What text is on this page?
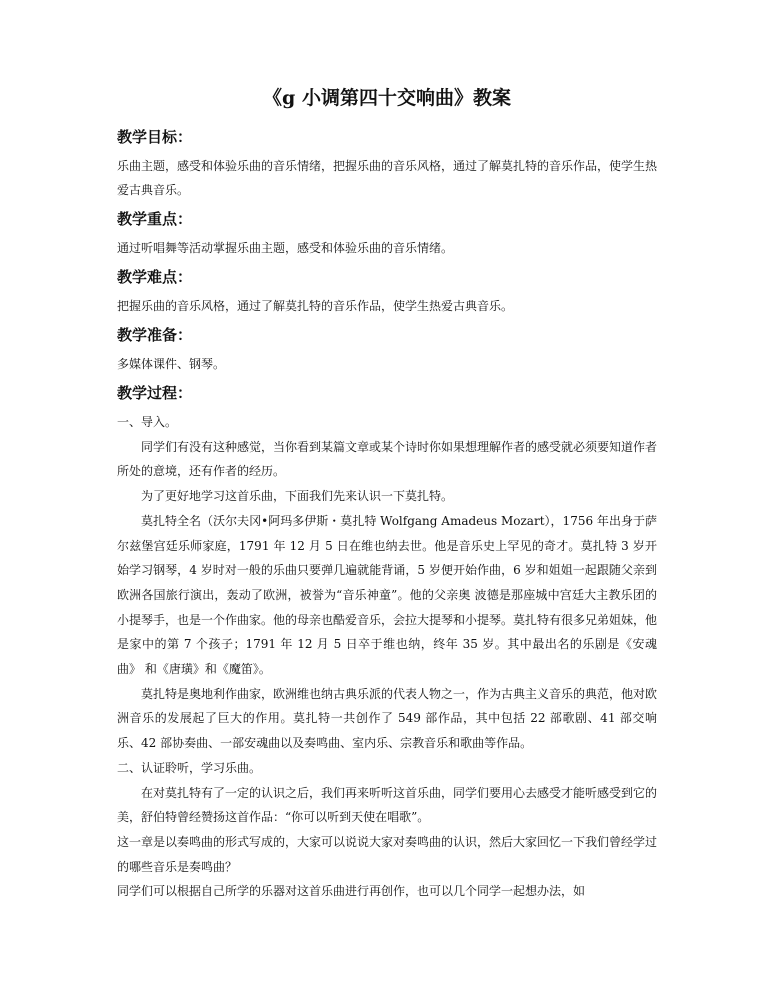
《g 小调第四十交响曲》教案
教学目标：

乐曲主题，感受和体验乐曲的音乐情绪，把握乐曲的音乐风格，通过了解莫扎特的音乐作品，使学生热爱古典音乐。

教学重点：

通过听唱舞等活动掌握乐曲主题，感受和体验乐曲的音乐情绪。

教学难点：

把握乐曲的音乐风格，通过了解莫扎特的音乐作品，使学生热爱古典音乐。

教学准备：

多媒体课件、钢琴。

教学过程：

一、导入。

同学们有没有这种感觉，当你看到某篇文章或某个诗时你如果想理解作者的感受就必须要知道作者所处的意境，还有作者的经历。

为了更好地学习这首乐曲，下面我们先来认识一下莫扎特。

莫扎特全名（沃尔夫冈•阿玛多伊斯・莫扎特 Wolfgang Amadeus Mozart），1756 年出身于萨尔兹堡宫廷乐师家庭，1791 年 12 月 5 日在维也纳去世。他是音乐史上罕见的奇才。莫扎特 3 岁开始学习钢琴，4 岁时对一般的乐曲只要弹几遍就能背诵，5 岁便开始作曲，6 岁和姐姐一起跟随父亲到欧洲各国旅行演出，轰动了欧洲，被誉为“音乐神童”。他的父亲奥 波德是那座城中宫廷大主教乐团的小提琴手，也是一个作曲家。他的母亲也酷爱音乐，会拉大提琴和小提琴。莫扎特有很多兄弟姐妹，他是家中的第 7 个孩子；1791 年 12 月 5 日卒于维也纳，终年 35 岁。其中最出名的乐剧是《安魂曲》 和《唐璜》和《魔笛》。

莫扎特是奥地利作曲家，欧洲维也纳古典乐派的代表人物之一，作为古典主义音乐的典范，他对欧洲音乐的发展起了巨大的作用。莫扎特一共创作了 549 部作品，其中包括 22 部歌剧、41 部交响乐、42 部协奏曲、一部安魂曲以及奏鸣曲、室内乐、宗教音乐和歌曲等作品。

二、认证聆听，学习乐曲。

在对莫扎特有了一定的认识之后，我们再来听听这首乐曲，同学们要用心去感受才能听感受到它的美，舒伯特曾经赞扬这首作品：“你可以听到天使在唱歌”。

这一章是以奏鸣曲的形式写成的，大家可以说说大家对奏鸣曲的认识，然后大家回忆一下我们曾经学过的哪些音乐是奏鸣曲？

同学们可以根据自己所学的乐器对这首乐曲进行再创作，也可以几个同学一起想办法，如
